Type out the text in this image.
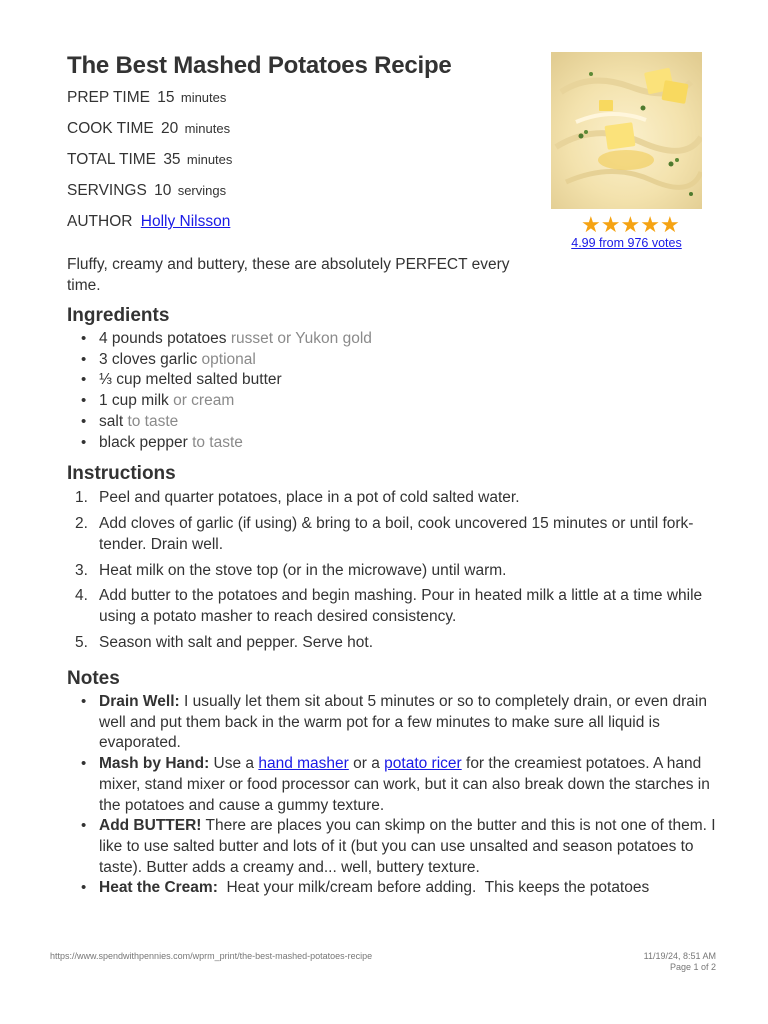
The Best Mashed Potatoes Recipe
PREP TIME 15 minutes
COOK TIME 20 minutes
TOTAL TIME 35 minutes
SERVINGS 10 servings
AUTHOR Holly Nilsson	★ ★ ★ ★ ★
4.99 from 976 votes

Fluffy, creamy and buttery, these are absolutely PERFECT every time.

Ingredients
• 4 pounds potatoes russet or Yukon gold
• 3 cloves garlic optional
• ⅓ cup melted salted butter
• 1 cup milk or cream
• salt to taste
• black pepper to taste
Instructions
1. Peel and quarter potatoes, place in a pot of cold salted water.
2. Add cloves of garlic (if using) & bring to a boil, cook uncovered 15 minutes or until fork-tender. Drain well.
3. Heat milk on the stove top (or in the microwave) until warm.
4. Add butter to the potatoes and begin mashing. Pour in heated milk a little at a time while using a potato masher to reach desired consistency.
5. Season with salt and pepper. Serve hot.
Notes
• Drain Well: I usually let them sit about 5 minutes or so to completely drain, or even drain well and put them back in the warm pot for a few minutes to make sure all liquid is evaporated.
• Mash by Hand: Use a hand masher or a potato ricer for the creamiest potatoes. A hand mixer, stand mixer or food processor can work, but it can also break down the starches in the potatoes and cause a gummy texture.
• Add BUTTER! There are places you can skimp on the butter and this is not one of them. I like to use salted butter and lots of it (but you can use unsalted and season potatoes to taste). Butter adds a creamy and... well, buttery texture.
• Heat the Cream:  Heat your milk/cream before adding.  This keeps the potatoes
https://www.spendwithpennies.com/wprm_print/the-best-mashed-potatoes-recipe	11/19/24, 8:51 AM
Page 1 of 2
